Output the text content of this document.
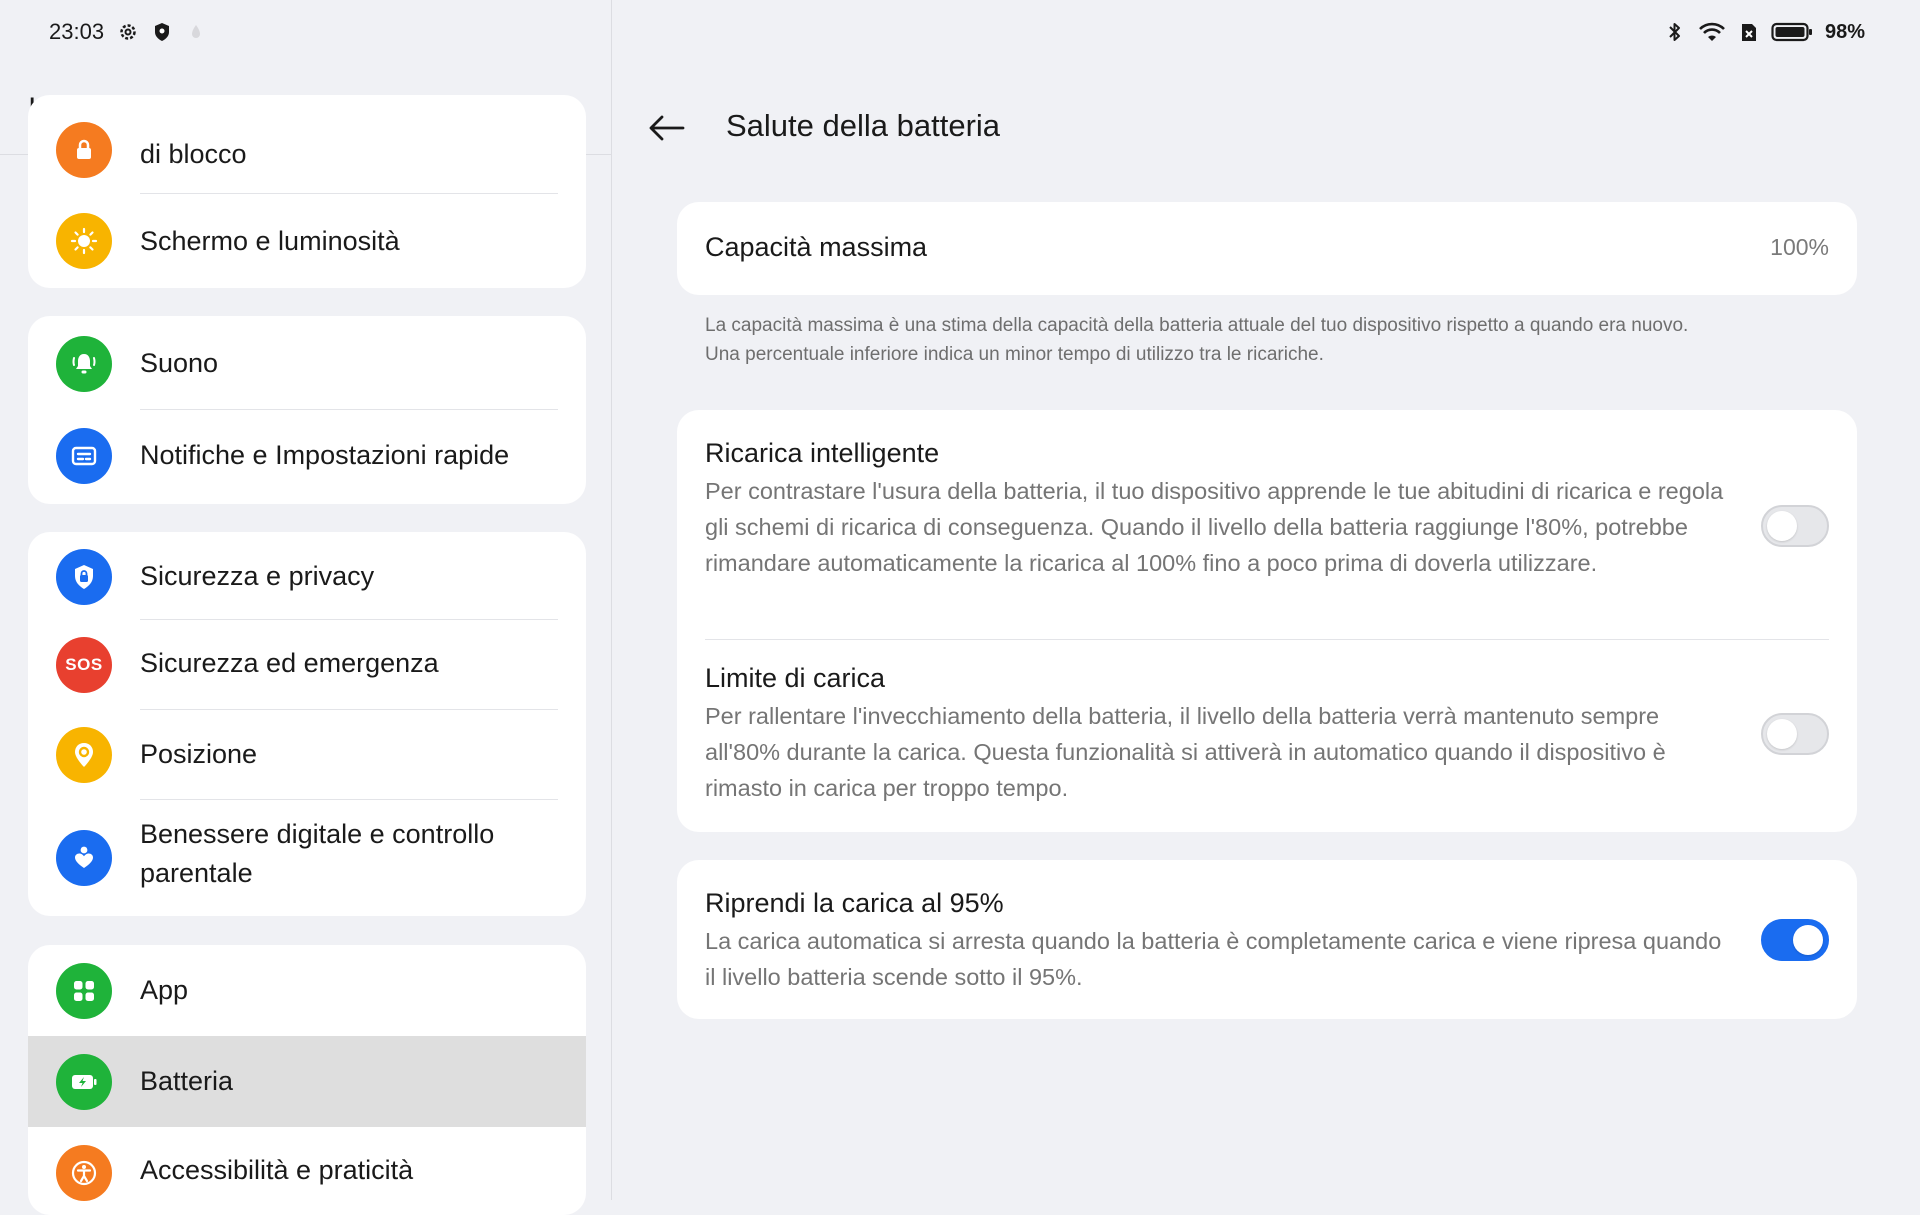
23:03
di blocco
Schermo e luminosità
Suono
Notifiche e Impostazioni rapide
Sicurezza e privacy
SOS Sicurezza ed emergenza
Posizione
Benessere digitale e controllo
parentale
App
Batteria
Accessibilità e praticità
98%
Salute della batteria
Capacità massima	100%
La capacità massima è una stima della capacità della batteria attuale del tuo dispositivo rispetto a quando era nuovo.
Una percentuale inferiore indica un minor tempo di utilizzo tra le ricariche.
Ricarica intelligente
Per contrastare l'usura della batteria, il tuo dispositivo apprende le tue abitudini di ricarica e regola gli schemi di ricarica di conseguenza. Quando il livello della batteria raggiunge l'80%, potrebbe rimandare automaticamente la ricarica al 100% fino a poco prima di doverla utilizzare.
Limite di carica
Per rallentare l'invecchiamento della batteria, il livello della batteria verrà mantenuto sempre all'80% durante la carica. Questa funzionalità si attiverà in automatico quando il dispositivo è rimasto in carica per troppo tempo.
Riprendi la carica al 95%
La carica automatica si arresta quando la batteria è completamente carica e viene ripresa quando il livello batteria scende sotto il 95%.
